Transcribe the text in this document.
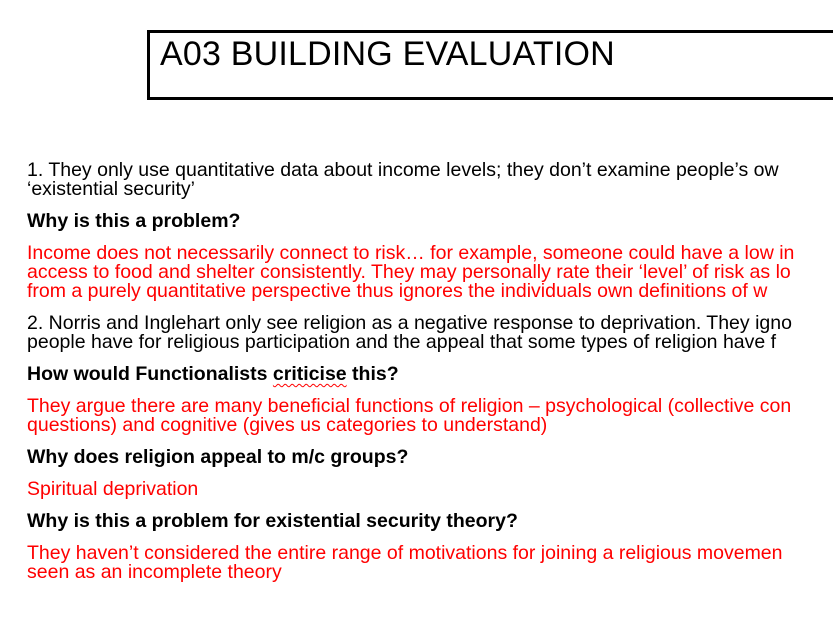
A03 BUILDING EVALUATION
1. They only use quantitative data about income levels; they don’t examine people’s ow
‘existential security’
Why is this a problem?
Income does not necessarily connect to risk… for example, someone could have a low in
access to food and shelter consistently. They may personally rate their ‘level’ of risk as lo
from a purely quantitative perspective thus ignores the individuals own definitions of w
2. Norris and Inglehart only see religion as a negative response to deprivation. They igno
people have for religious participation and the appeal that some types of religion have f
How would Functionalists criticise this?
They argue there are many beneficial functions of religion – psychological (collective con
questions) and cognitive (gives us categories to understand)
Why does religion appeal to m/c groups?
Spiritual deprivation
Why is this a problem for existential security theory?
They haven’t considered the entire range of motivations for joining a religious movemen
seen as an incomplete theory
